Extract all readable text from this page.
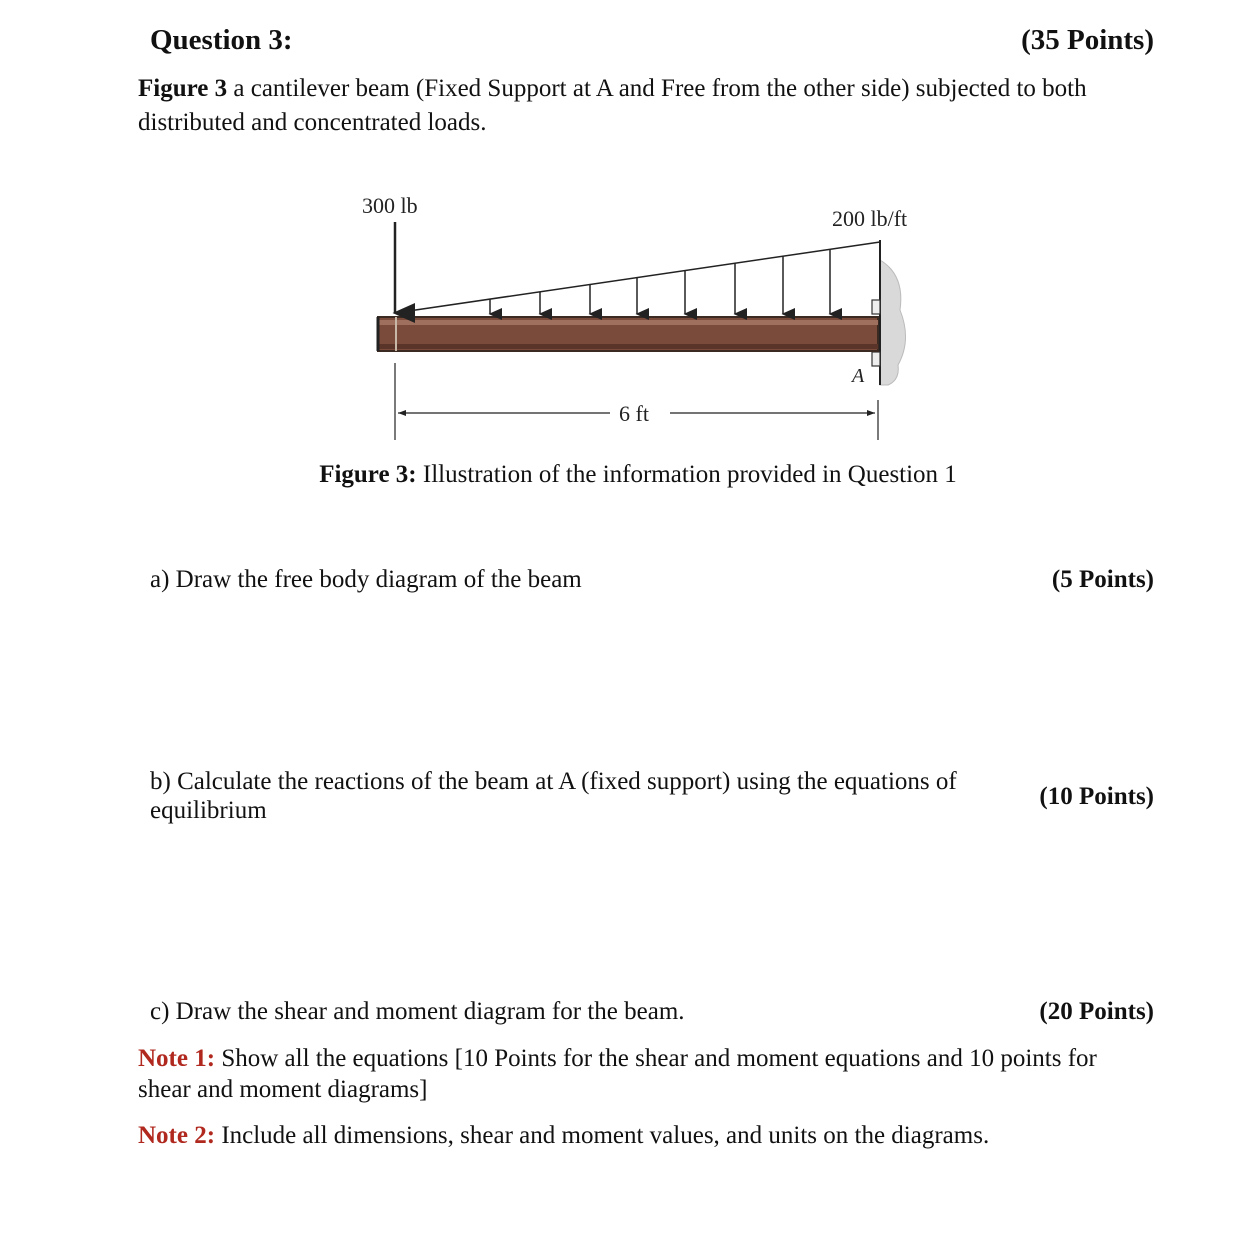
Question 3:	(35 Points)
Figure 3 a cantilever beam (Fixed Support at A and Free from the other side) subjected to both distributed and concentrated loads.
300 lb
200 lb/ft
A
6 ft
Figure 3: Illustration of the information provided in Question 1
a) Draw the free body diagram of the beam	(5 Points)
b) Calculate the reactions of the beam at A (fixed support) using the equations of
equilibrium
(10 Points)
c) Draw the shear and moment diagram for the beam.	(20 Points)
Note 1: Show all the equations [10 Points for the shear and moment equations and 10 points for shear and moment diagrams]
Note 2: Include all dimensions, shear and moment values, and units on the diagrams.
